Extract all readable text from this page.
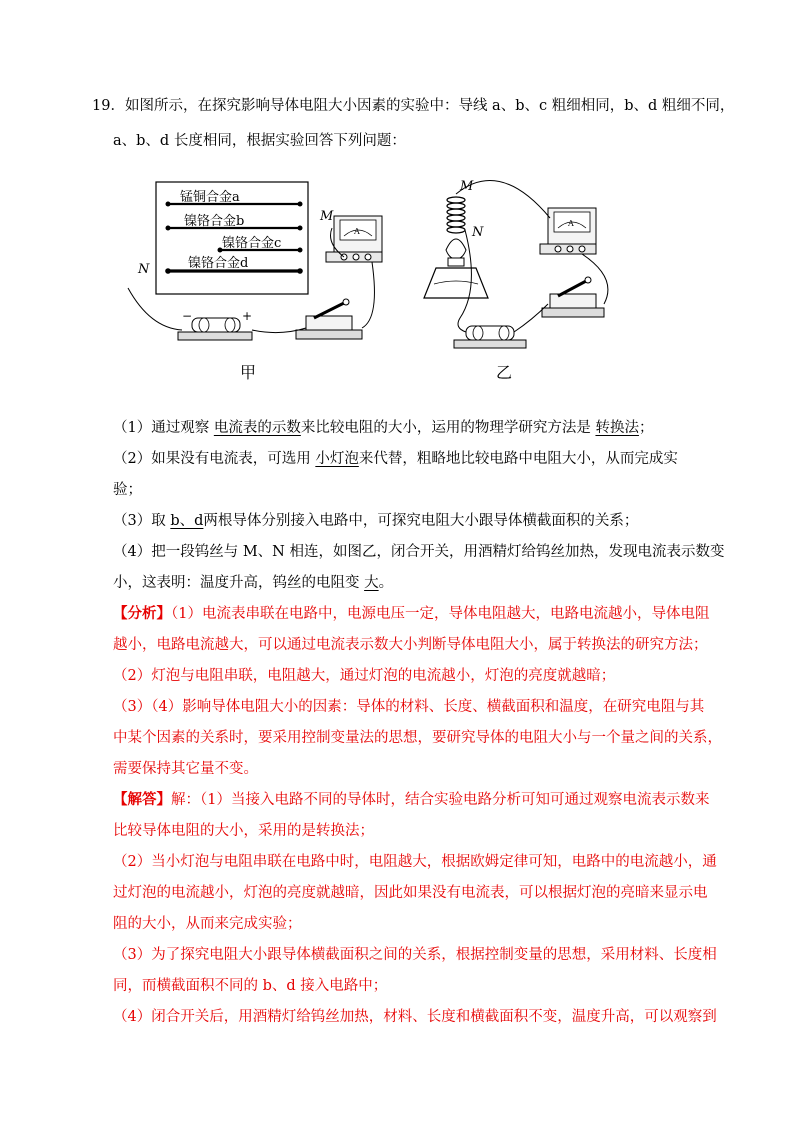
19．如图所示，在探究影响导体电阻大小因素的实验中：导线 a、b、c 粗细相同，b、d 粗细不同，
a、b、d 长度相同，根据实验回答下列问题：
锰铜合金a
镍铬合金b
镍铬合金c
镍铬合金d
N
M
A
−	+
甲
M
N
A
乙
（1）通过观察 电流表的示数来比较电阻的大小，运用的物理学研究方法是 转换法；
（2）如果没有电流表，可选用 小灯泡来代替，粗略地比较电路中电阻大小，从而完成实
验；
（3）取 b、d两根导体分别接入电路中，可探究电阻大小跟导体横截面积的关系；
（4）把一段钨丝与 M、N 相连，如图乙，闭合开关，用酒精灯给钨丝加热，发现电流表示数变
小，这表明：温度升高，钨丝的电阻变 大。
【分析】（1）电流表串联在电路中，电源电压一定，导体电阻越大，电路电流越小，导体电阻
越小，电路电流越大，可以通过电流表示数大小判断导体电阻大小，属于转换法的研究方法；
（2）灯泡与电阻串联，电阻越大，通过灯泡的电流越小，灯泡的亮度就越暗；
（3）（4）影响导体电阻大小的因素：导体的材料、长度、横截面积和温度，在研究电阻与其
中某个因素的关系时，要采用控制变量法的思想，要研究导体的电阻大小与一个量之间的关系，
需要保持其它量不变。
【解答】解：（1）当接入电路不同的导体时，结合实验电路分析可知可通过观察电流表示数来
比较导体电阻的大小，采用的是转换法；
（2）当小灯泡与电阻串联在电路中时，电阻越大，根据欧姆定律可知，电路中的电流越小，通
过灯泡的电流越小，灯泡的亮度就越暗，因此如果没有电流表，可以根据灯泡的亮暗来显示电
阻的大小，从而来完成实验；
（3）为了探究电阻大小跟导体横截面积之间的关系，根据控制变量的思想，采用材料、长度相
同，而横截面积不同的 b、d 接入电路中；
（4）闭合开关后，用酒精灯给钨丝加热，材料、长度和横截面积不变，温度升高，可以观察到
